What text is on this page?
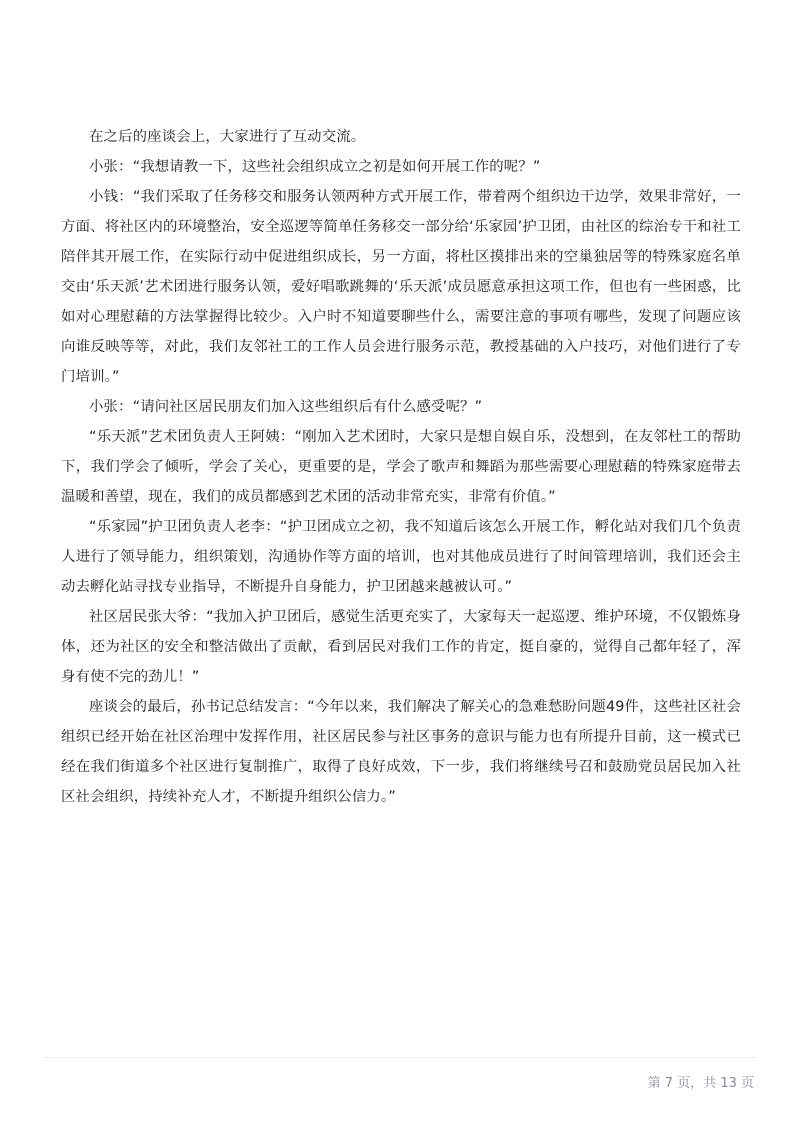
在之后的座谈会上，大家进行了互动交流。

小张：“我想请教一下，这些社会组织成立之初是如何开展工作的呢？”

小钱：“我们采取了任务移交和服务认领两种方式开展工作，带着两个组织边干边学，效果非常好，一方面、将社区内的环境整治，安全巡逻等简单任务移交一部分给‘乐家园’护卫团，由社区的综治专干和社工陪伴其开展工作，在实际行动中促进组织成长，另一方面，将杜区摸排出来的空巢独居等的特殊家庭名单交由‘乐天派’艺术团进行服务认领，爱好唱歌跳舞的‘乐天派’成员愿意承担这项工作，但也有一些困惑，比如对心理慰藉的方法掌握得比较少。入户时不知道要聊些什么，需要注意的事项有哪些，发现了问题应该向谁反映等等，对此，我们友邻社工的工作人员会进行服务示范，教授基础的入户技巧，对他们进行了专门培训。”

小张：“请问社区居民朋友们加入这些组织后有什么感受呢？”

“乐天派”艺术团负责人王阿姨：“刚加入艺术团时，大家只是想自娱自乐，没想到，在友邻杜工的帮助下，我们学会了倾听，学会了关心，更重要的是，学会了歌声和舞蹈为那些需要心理慰藉的特殊家庭带去温暖和善望，现在，我们的成员都感到艺术团的活动非常充实，非常有价值。”

“乐家园”护卫团负责人老李：“护卫团成立之初，我不知道后该怎么开展工作，孵化站对我们几个负责人进行了领导能力，组织策划，沟通协作等方面的培训，也对其他成员进行了时间管理培训，我们还会主动去孵化站寻找专业指导，不断提升自身能力，护卫团越来越被认可。”

社区居民张大爷：“我加入护卫团后，感觉生活更充实了，大家每天一起巡逻、维护环境，不仅锻炼身体，还为社区的安全和整洁做出了贡献，看到居民对我们工作的肯定，挺自豪的，觉得自己都年轻了，浑身有使不完的劲儿！”

座谈会的最后，孙书记总结发言：“今年以来，我们解决了解关心的急难愁盼问题49件，这些社区社会组织已经开始在社区治理中发挥作用，社区居民参与社区事务的意识与能力也有所提升目前，这一模式已经在我们街道多个社区进行复制推广，取得了良好成效，下一步，我们将继续号召和鼓励党员居民加入社区社会组织，持续补充人才，不断提升组织公信力。”

第 7 页，共 13 页
